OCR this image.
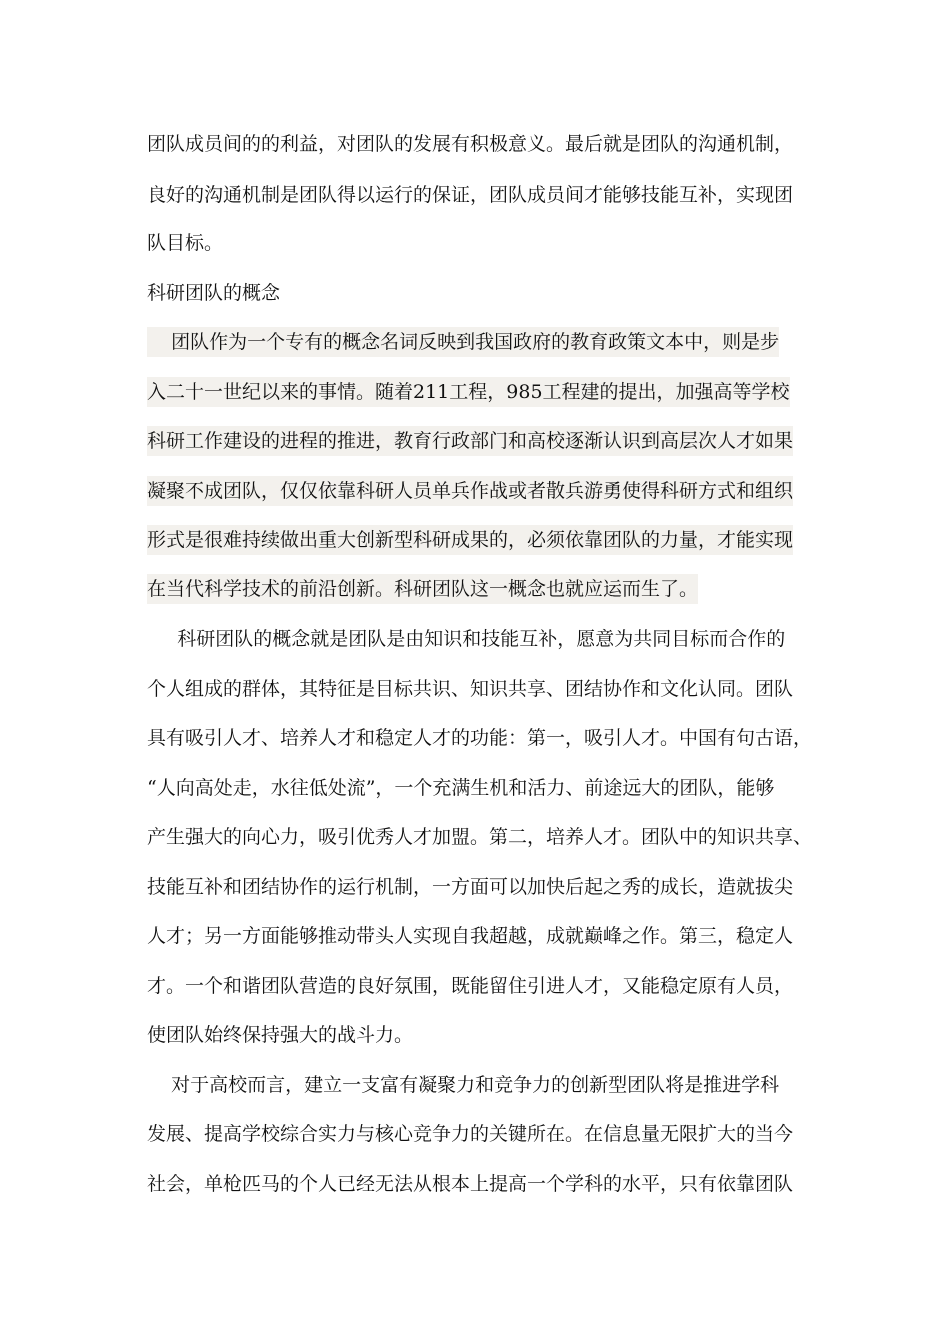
团队成员间的的利益，对团队的发展有积极意义。最后就是团队的沟通机制，
良好的沟通机制是团队得以运行的保证，团队成员间才能够技能互补，实现团
队目标。
科研团队的概念
团队作为一个专有的概念名词反映到我国政府的教育政策文本中，则是步
入二十一世纪以来的事情。随着211工程，985工程建的提出，加强高等学校
科研工作建设的进程的推进，教育行政部门和高校逐渐认识到高层次人才如果
凝聚不成团队，仅仅依靠科研人员单兵作战或者散兵游勇使得科研方式和组织
形式是很难持续做出重大创新型科研成果的，必须依靠团队的力量，才能实现
在当代科学技术的前沿创新。科研团队这一概念也就应运而生了。
科研团队的概念就是团队是由知识和技能互补，愿意为共同目标而合作的
个人组成的群体，其特征是目标共识、知识共享、团结协作和文化认同。团队
具有吸引人才、培养人才和稳定人才的功能：第一，吸引人才。中国有句古语，
“人向高处走，水往低处流”，一个充满生机和活力、前途远大的团队，能够
产生强大的向心力，吸引优秀人才加盟。第二，培养人才。团队中的知识共享、
技能互补和团结协作的运行机制，一方面可以加快后起之秀的成长，造就拔尖
人才；另一方面能够推动带头人实现自我超越，成就巅峰之作。第三，稳定人
才。一个和谐团队营造的良好氛围，既能留住引进人才，又能稳定原有人员，
使团队始终保持强大的战斗力。
对于高校而言，建立一支富有凝聚力和竞争力的创新型团队将是推进学科
发展、提高学校综合实力与核心竞争力的关键所在。在信息量无限扩大的当今
社会，单枪匹马的个人已经无法从根本上提高一个学科的水平，只有依靠团队
